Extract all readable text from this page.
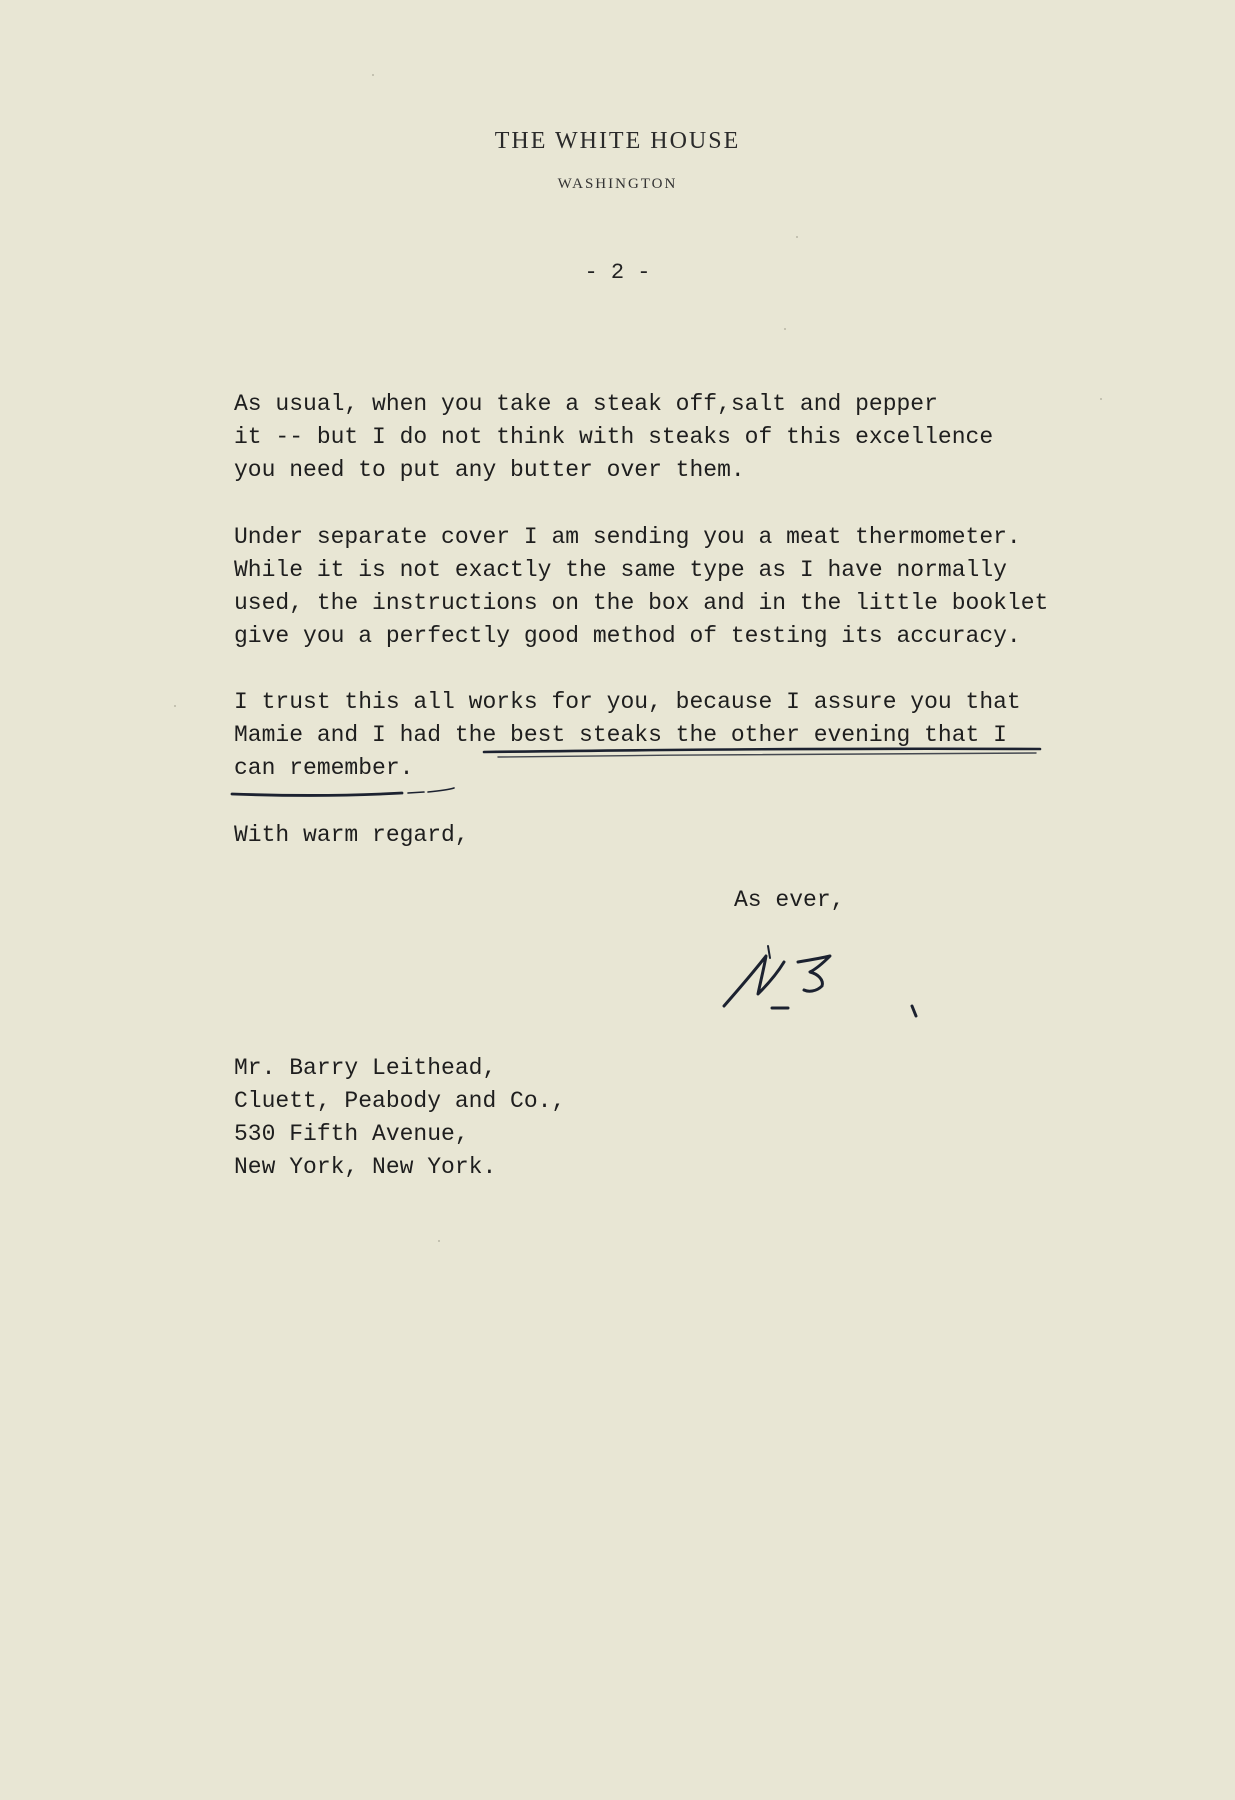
THE WHITE HOUSE
WASHINGTON
- 2 -
As usual, when you take a steak off,salt and pepper
it -- but I do not think with steaks of this excellence
you need to put any butter over them.
Under separate cover I am sending you a meat thermometer.
While it is not exactly the same type as I have normally
used, the instructions on the box and in the little booklet
give you a perfectly good method of testing its accuracy.
I trust this all works for you, because I assure you that
Mamie and I had the best steaks the other evening that I
can remember.
With warm regard,
As ever,
Mr. Barry Leithead,
Cluett, Peabody and Co.,
530 Fifth Avenue,
New York, New York.
